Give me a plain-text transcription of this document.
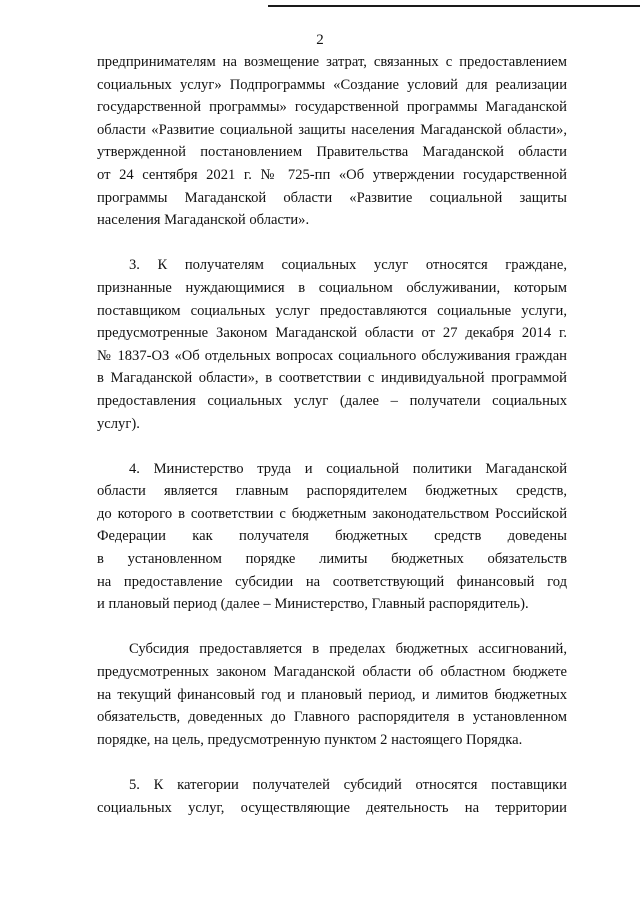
2
предпринимателям на возмещение затрат, связанных с предоставлением
социальных услуг» Подпрограммы «Создание условий для реализации
государственной программы» государственной программы Магаданской
области «Развитие социальной защиты населения Магаданской области»,
утвержденной постановлением Правительства Магаданской области
от 24 сентября 2021 г. № 725-пп «Об утверждении государственной
программы Магаданской области «Развитие социальной защиты
населения Магаданской области».
3. К получателям социальных услуг относятся граждане,
признанные нуждающимися в социальном обслуживании, которым
поставщиком социальных услуг предоставляются социальные услуги,
предусмотренные Законом Магаданской области от 27 декабря 2014 г.
№ 1837-ОЗ «Об отдельных вопросах социального обслуживания граждан
в Магаданской области», в соответствии с индивидуальной программой
предоставления социальных услуг (далее – получатели социальных
услуг).
4. Министерство труда и социальной политики Магаданской
области является главным распорядителем бюджетных средств,
до которого в соответствии с бюджетным законодательством Российской
Федерации как получателя бюджетных средств доведены
в установленном порядке лимиты бюджетных обязательств
на предоставление субсидии на соответствующий финансовый год
и плановый период (далее – Министерство, Главный распорядитель).
Субсидия предоставляется в пределах бюджетных ассигнований,
предусмотренных законом Магаданской области об областном бюджете
на текущий финансовый год и плановый период, и лимитов бюджетных
обязательств, доведенных до Главного распорядителя в установленном
порядке, на цель, предусмотренную пунктом 2 настоящего Порядка.
5. К категории получателей субсидий относятся поставщики
социальных услуг, осуществляющие деятельность на территории
